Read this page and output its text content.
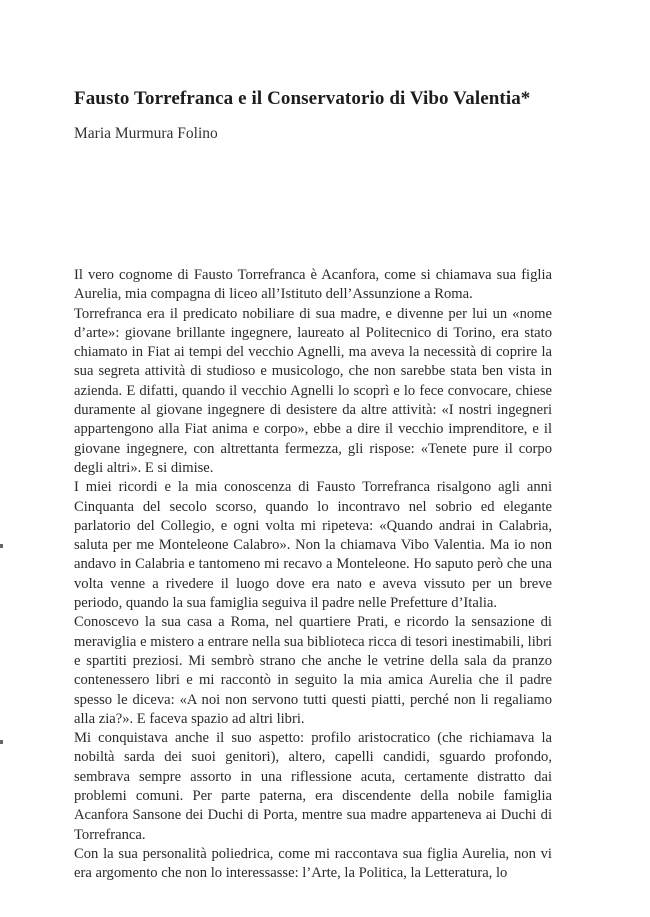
Fausto Torrefranca e il Conservatorio di Vibo Valentia*

Maria Murmura Folino

Il vero cognome di Fausto Torrefranca è Acanfora, come si chiamava sua figlia Aurelia, mia compagna di liceo all’Istituto dell’Assunzione a Roma.

Torrefranca era il predicato nobiliare di sua madre, e divenne per lui un «nome d’arte»: giovane brillante ingegnere, laureato al Politecnico di Torino, era stato chiamato in Fiat ai tempi del vecchio Agnelli, ma aveva la necessità di coprire la sua segreta attività di studioso e musicologo, che non sarebbe stata ben vista in azienda. E difatti, quando il vecchio Agnelli lo scoprì e lo fece convocare, chiese duramente al giovane ingegnere di desistere da altre attività: «I nostri ingegneri appartengono alla Fiat anima e corpo», ebbe a dire il vecchio imprenditore, e il giovane ingegnere, con altrettanta fermezza, gli rispose: «Tenete pure il corpo degli altri». E si dimise.

I miei ricordi e la mia conoscenza di Fausto Torrefranca risalgono agli anni Cinquanta del secolo scorso, quando lo incontravo nel sobrio ed elegante parlatorio del Collegio, e ogni volta mi ripeteva: «Quando andrai in Calabria, saluta per me Monteleone Calabro». Non la chiamava Vibo Valentia. Ma io non andavo in Calabria e tantomeno mi recavo a Monteleone. Ho saputo però che una volta venne a rivedere il luogo dove era nato e aveva vissuto per un breve periodo, quando la sua famiglia seguiva il padre nelle Prefetture d’Italia.

Conoscevo la sua casa a Roma, nel quartiere Prati, e ricordo la sensazione di meraviglia e mistero a entrare nella sua biblioteca ricca di tesori inestimabili, libri e spartiti preziosi. Mi sembrò strano che anche le vetrine della sala da pranzo contenessero libri e mi raccontò in seguito la mia amica Aurelia che il padre spesso le diceva: «A noi non servono tutti questi piatti, perché non li regaliamo alla zia?». E faceva spazio ad altri libri.

Mi conquistava anche il suo aspetto: profilo aristocratico (che richiamava la nobiltà sarda dei suoi genitori), altero, capelli candidi, sguardo profondo, sembrava sempre assorto in una riflessione acuta, certamente distratto dai problemi comuni. Per parte paterna, era discendente della nobile famiglia Acanfora Sansone dei Duchi di Porta, mentre sua madre apparteneva ai Duchi di Torrefranca.

Con la sua personalità poliedrica, come mi raccontava sua figlia Aurelia, non vi era argomento che non lo interessasse: l’Arte, la Politica, la Letteratura, lo
